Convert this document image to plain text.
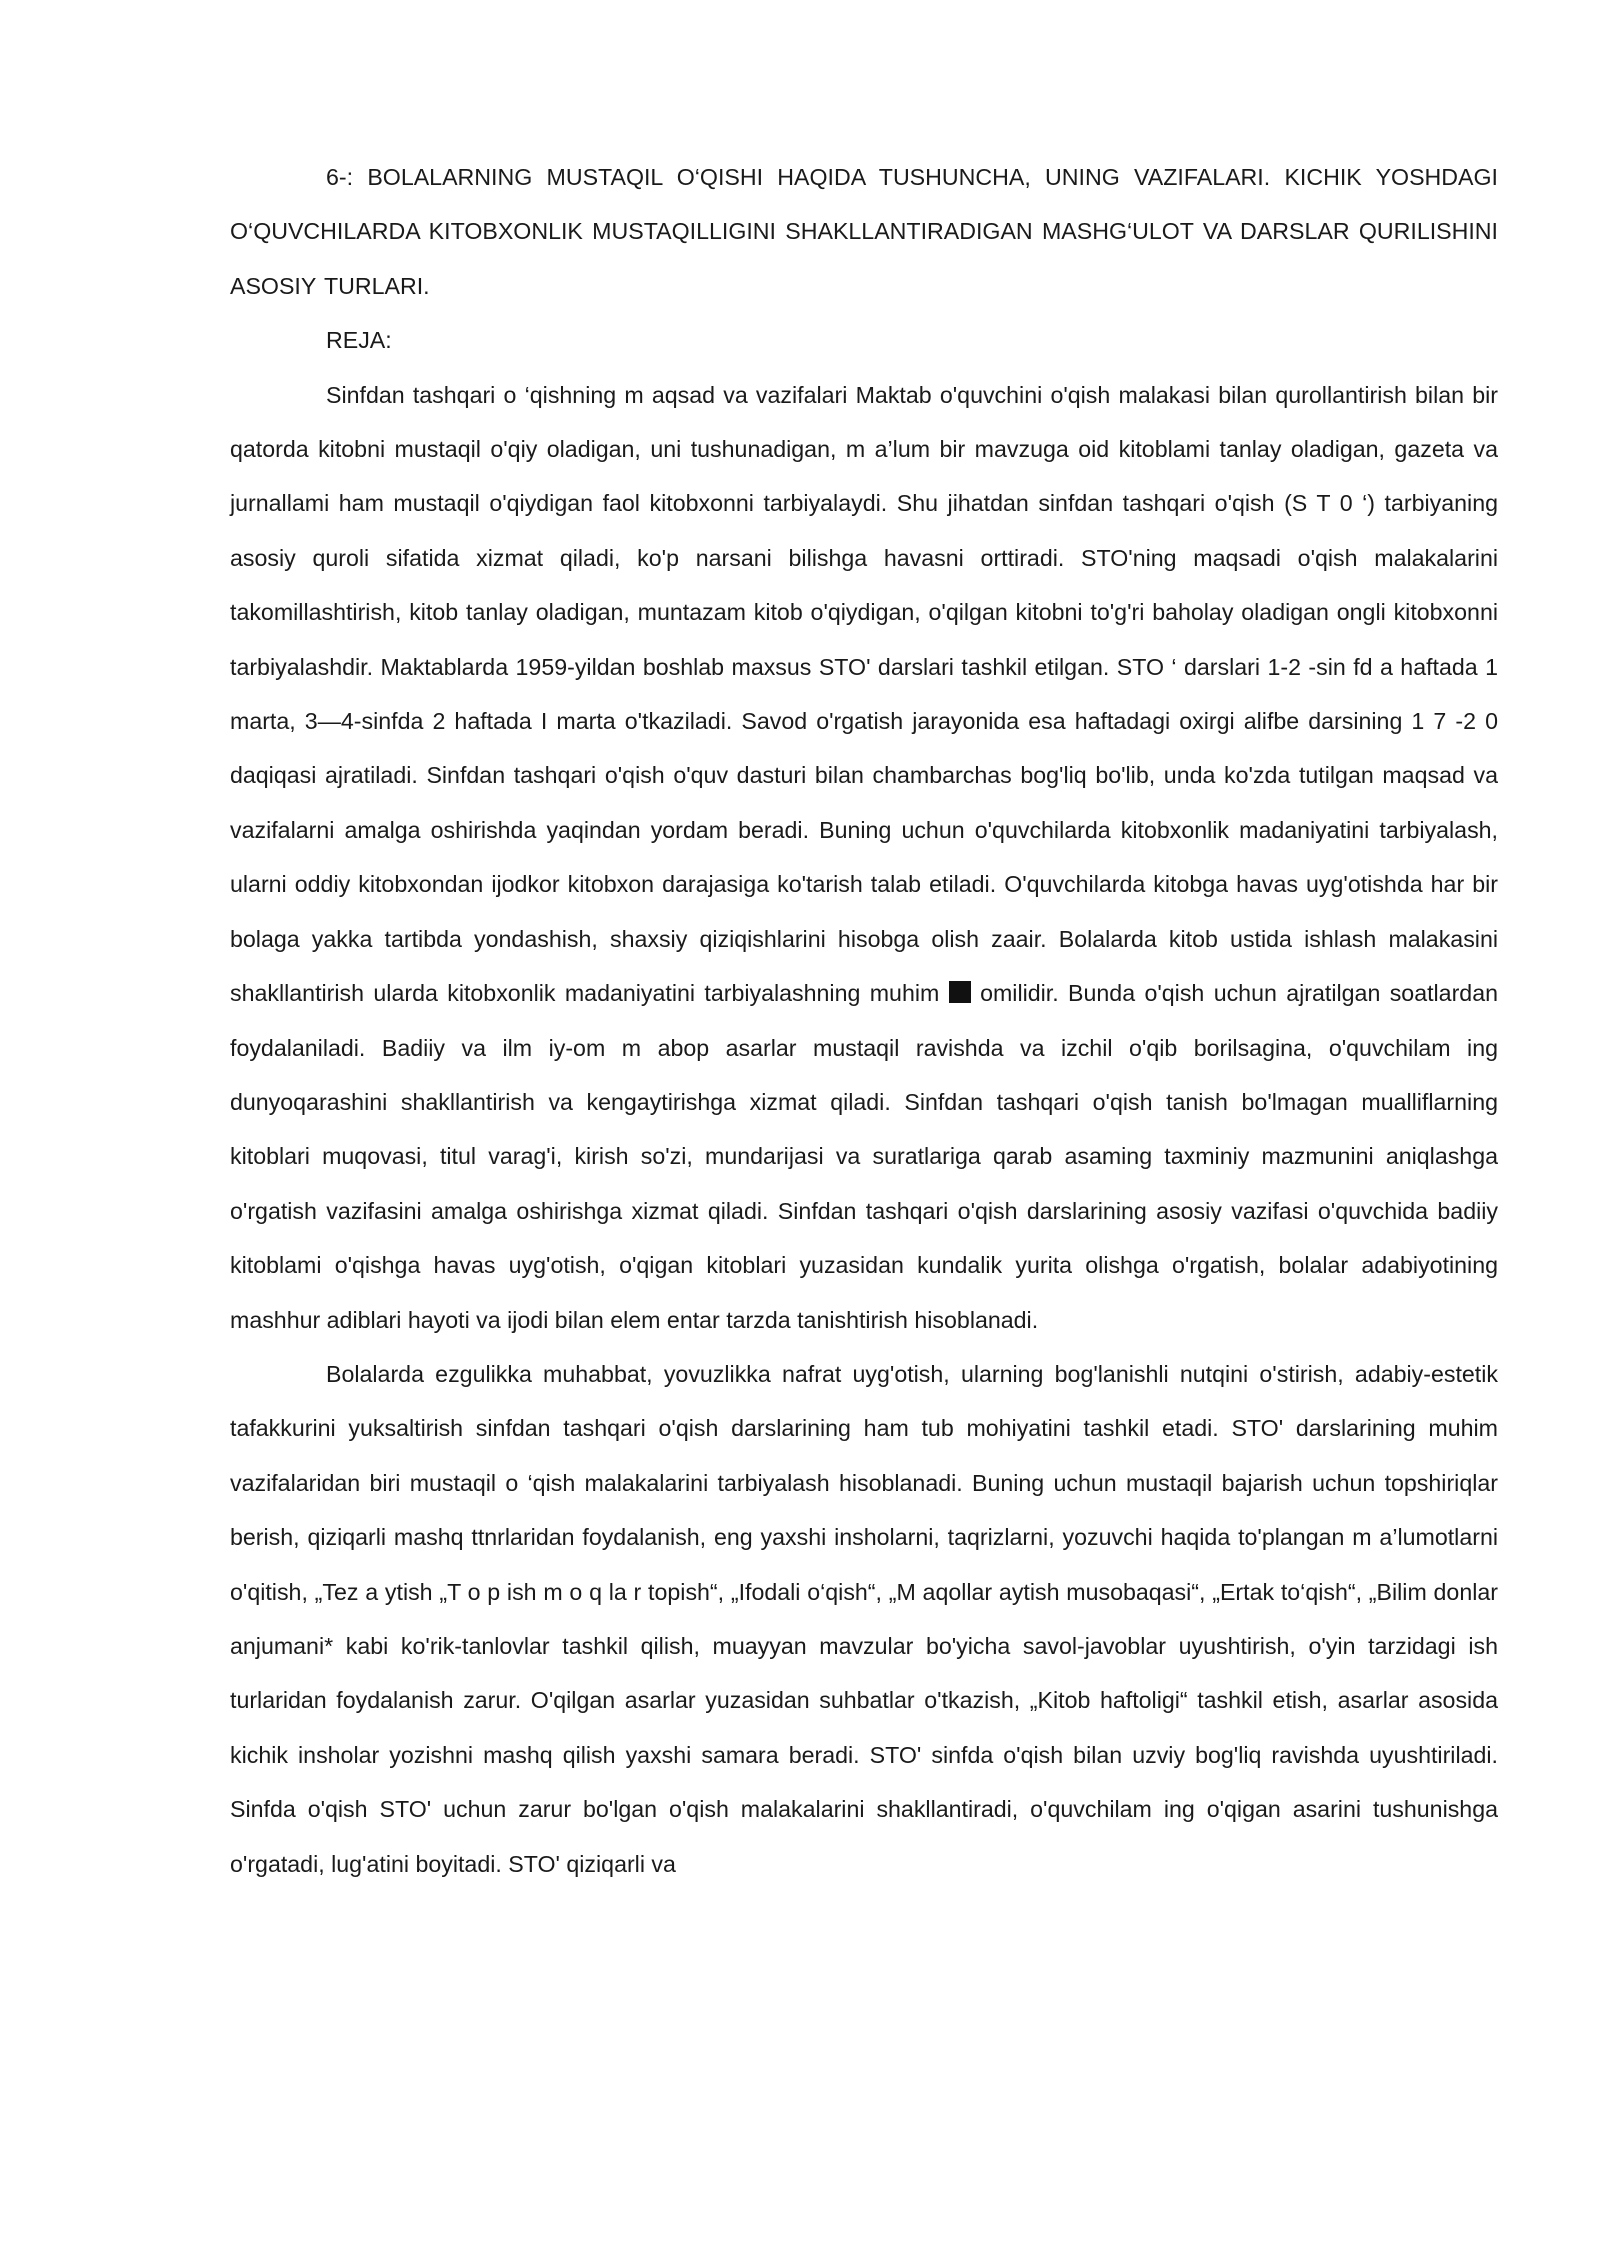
6-: BOLALARNING MUSTAQIL O‘QISHI HAQIDA TUSHUNCHA, UNING VAZIFALARI. KICHIK YOSHDAGI O‘QUVCHILARDA KITOBXONLIK MUSTAQILLIGINI SHAKLLANTIRADIGAN MASHG‘ULOT VA DARSLAR QURILISHINI ASOSIY TURLARI.

REJA:

Sinfdan tashqari o ‘qishning m aqsad va vazifalari Maktab o'quvchini o'qish malakasi bilan qurollantirish bilan bir qatorda kitobni mustaqil o'qiy oladigan, uni tushunadigan, m a’lum bir mavzuga oid kitoblami tanlay oladigan, gazeta va jurnallami ham mustaqil o'qiydigan faol kitobxonni tarbiyalaydi. Shu jihatdan sinfdan tashqari o'qish (S T 0 ‘) tarbiyaning asosiy quroli sifatida xizmat qiladi, ko'p narsani bilishga havasni orttiradi. STO'ning maqsadi o'qish malakalarini takomillashtirish, kitob tanlay oladigan, muntazam kitob o'qiydigan, o'qilgan kitobni to'g'ri baholay oladigan ongli kitobxonni tarbiyalashdir. Maktablarda 1959-yildan boshlab maxsus STO' darslari tashkil etilgan. STO ‘ darslari 1-2 -sin fd a haftada 1 marta, 3—4-sinfda 2 haftada I marta o'tkaziladi. Savod o'rgatish jarayonida esa haftadagi oxirgi alifbe darsining 1 7 -2 0 daqiqasi ajratiladi. Sinfdan tashqari o'qish o'quv dasturi bilan chambarchas bog'liq bo'lib, unda ko'zda tutilgan maqsad va vazifalarni amalga oshirishda yaqindan yordam beradi. Buning uchun o'quvchilarda kitobxonlik madaniyatini tarbiyalash, ularni oddiy kitobxondan ijodkor kitobxon darajasiga ko'tarish talab etiladi. O'quvchilarda kitobga havas uyg'otishda har bir bolaga yakka tartibda yondashish, shaxsiy qiziqishlarini hisobga olish zaair. Bolalarda kitob ustida ishlash malakasini shakllantirish ularda kitobxonlik madaniyatini tarbiyalashning muhim omilidir. Bunda o'qish uchun ajratilgan soatlardan foydalaniladi. Badiiy va ilm iy-om m abop asarlar mustaqil ravishda va izchil o'qib borilsagina, o'quvchilam ing dunyoqarashini shakllantirish va kengaytirishga xizmat qiladi. Sinfdan tashqari o'qish tanish bo'lmagan mualliflarning kitoblari muqovasi, titul varag'i, kirish so'zi, mundarijasi va suratlariga qarab asaming taxminiy mazmunini aniqlashga o'rgatish vazifasini amalga oshirishga xizmat qiladi. Sinfdan tashqari o'qish darslarining asosiy vazifasi o'quvchida badiiy kitoblami o'qishga havas uyg'otish, o'qigan kitoblari yuzasidan kundalik yurita olishga o'rgatish, bolalar adabiyotining mashhur adiblari hayoti va ijodi bilan elem entar tarzda tanishtirish hisoblanadi.

Bolalarda ezgulikka muhabbat, yovuzlikka nafrat uyg'otish, ularning bog'lanishli nutqini o'stirish, adabiy-estetik tafakkurini yuksaltirish sinfdan tashqari o'qish darslarining ham tub mohiyatini tashkil etadi. STO' darslarining muhim vazifalaridan biri mustaqil o ‘qish malakalarini tarbiyalash hisoblanadi. Buning uchun mustaqil bajarish uchun topshiriqlar berish, qiziqarli mashq ttnrlaridan foydalanish, eng yaxshi insholarni, taqrizlarni, yozuvchi haqida to'plangan m a’lumotlarni o'qitish, „Tez a ytish „T o p ish m o q la r topish“, „Ifodali o‘qish“, „M aqollar aytish musobaqasi“, „Ertak to‘qish“, „Bilim donlar anjumani* kabi ko'rik-tanlovlar tashkil qilish, muayyan mavzular bo'yicha savol-javoblar uyushtirish, o'yin tarzidagi ish turlaridan foydalanish zarur. O'qilgan asarlar yuzasidan suhbatlar o'tkazish, „Kitob haftoligi“ tashkil etish, asarlar asosida kichik insholar yozishni mashq qilish yaxshi samara beradi. STO' sinfda o'qish bilan uzviy bog'liq ravishda uyushtiriladi. Sinfda o'qish STO' uchun zarur bo'lgan o'qish malakalarini shakllantiradi, o'quvchilam ing o'qigan asarini tushunishga o'rgatadi, lug'atini boyitadi. STO' qiziqarli va
